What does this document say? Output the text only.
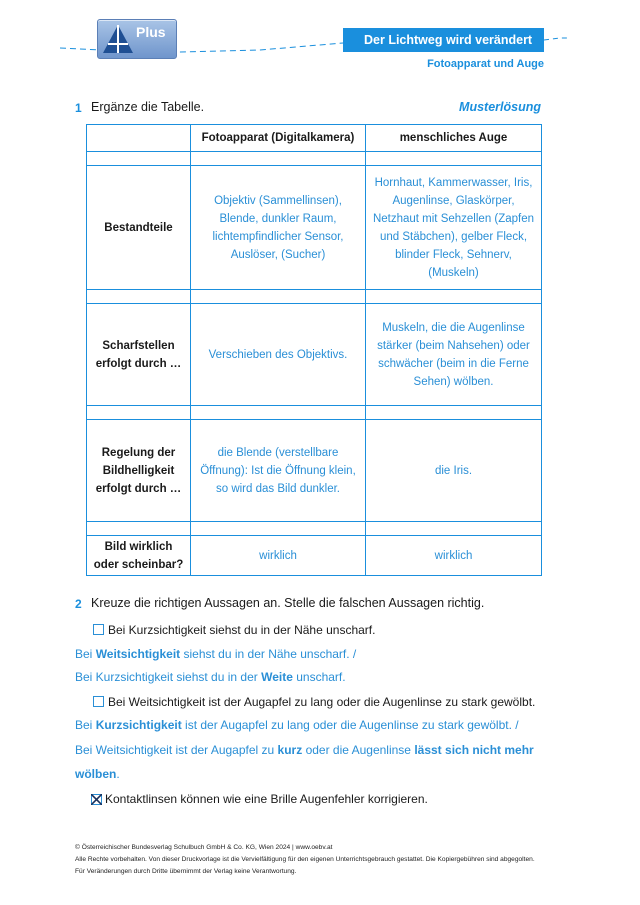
Plus	Der Lichtweg wird verändert
Fotoapparat und Auge
1 Ergänze die Tabelle.	Musterlösung
	Fotoapparat (Digitalkamera)	menschliches Auge

Bestandteile	Objektiv (Sammellinsen), Blende, dunkler Raum, lichtempfindlicher Sensor, Auslöser, (Sucher)	Hornhaut, Kammerwasser, Iris, Augenlinse, Glaskörper, Netzhaut mit Sehzellen (Zapfen und Stäbchen), gelber Fleck, blinder Fleck, Sehnerv, (Muskeln)

Scharfstellen erfolgt durch …	Verschieben des Objektivs.	Muskeln, die die Augenlinse stärker (beim Nahsehen) oder schwächer (beim in die Ferne Sehen) wölben.

Regelung der Bildhelligkeit erfolgt durch …	die Blende (verstellbare Öffnung): Ist die Öffnung klein, so wird das Bild dunkler.	die Iris.

Bild wirklich oder scheinbar?	wirklich	wirklich
2 Kreuze die richtigen Aussagen an. Stelle die falschen Aussagen richtig.
Bei Kurzsichtigkeit siehst du in der Nähe unscharf.
Bei Weitsichtigkeit siehst du in der Nähe unscharf. /
Bei Kurzsichtigkeit siehst du in der Weite unscharf.
Bei Weitsichtigkeit ist der Augapfel zu lang oder die Augenlinse zu stark gewölbt.
Bei Kurzsichtigkeit ist der Augapfel zu lang oder die Augenlinse zu stark gewölbt. /
Bei Weitsichtigkeit ist der Augapfel zu kurz oder die Augenlinse lässt sich nicht mehr
wölben.
Kontaktlinsen können wie eine Brille Augenfehler korrigieren.
© Österreichischer Bundesverlag Schulbuch GmbH & Co. KG, Wien 2024 | www.oebv.at
Alle Rechte vorbehalten. Von dieser Druckvorlage ist die Vervielfältigung für den eigenen Unterrichtsgebrauch gestattet. Die Kopiergebühren sind abgegolten.
Für Veränderungen durch Dritte übernimmt der Verlag keine Verantwortung.
